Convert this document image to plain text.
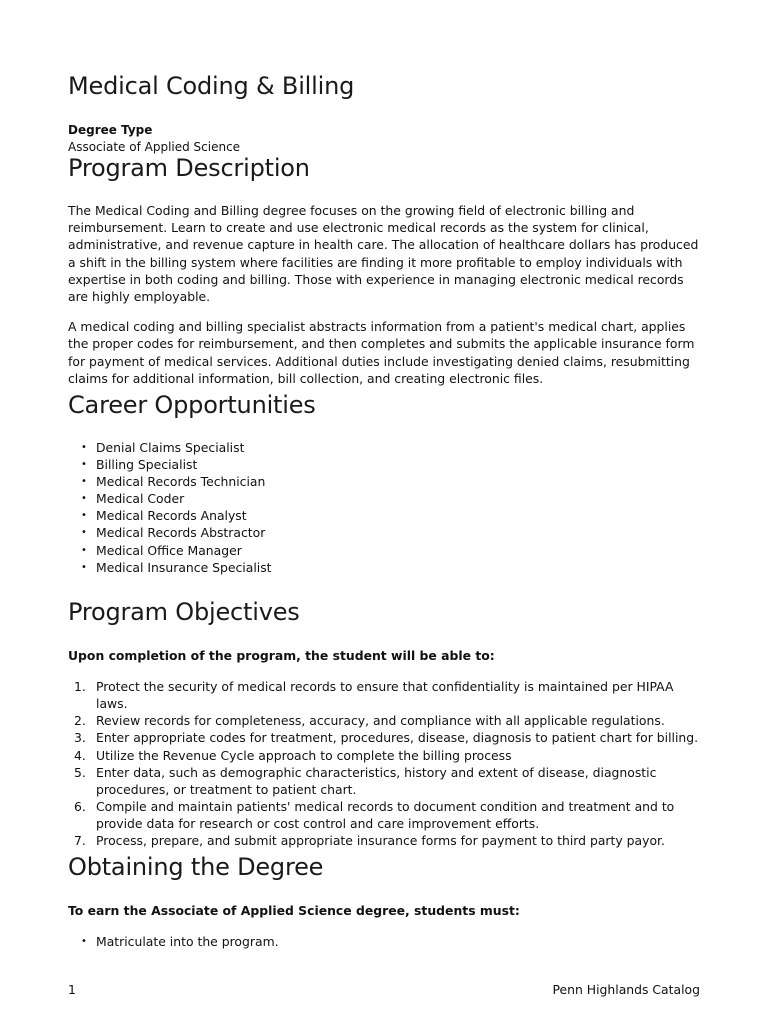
Medical Coding & Billing
Degree Type
Associate of Applied Science
Program Description

The Medical Coding and Billing degree focuses on the growing field of electronic billing and reimbursement. Learn to create and use electronic medical records as the system for clinical, administrative, and revenue capture in health care. The allocation of healthcare dollars has produced a shift in the billing system where facilities are finding it more profitable to employ individuals with expertise in both coding and billing. Those with experience in managing electronic medical records are highly employable.

A medical coding and billing specialist abstracts information from a patient's medical chart, applies the proper codes for reimbursement, and then completes and submits the applicable insurance form for payment of medical services. Additional duties include investigating denied claims, resubmitting claims for additional information, bill collection, and creating electronic files.

Career Opportunities
• Denial Claims Specialist
• Billing Specialist
• Medical Records Technician
• Medical Coder
• Medical Records Analyst
• Medical Records Abstractor
• Medical Office Manager
• Medical Insurance Specialist
Program Objectives
Upon completion of the program, the student will be able to:
1. Protect the security of medical records to ensure that confidentiality is maintained per HIPAA laws.
2. Review records for completeness, accuracy, and compliance with all applicable regulations.
3. Enter appropriate codes for treatment, procedures, disease, diagnosis to patient chart for billing.
4. Utilize the Revenue Cycle approach to complete the billing process
5. Enter data, such as demographic characteristics, history and extent of disease, diagnostic procedures, or treatment to patient chart.
6. Compile and maintain patients' medical records to document condition and treatment and to provide data for research or cost control and care improvement efforts.
7. Process, prepare, and submit appropriate insurance forms for payment to third party payor.
Obtaining the Degree
To earn the Associate of Applied Science degree, students must:
• Matriculate into the program.
1	Penn Highlands Catalog
